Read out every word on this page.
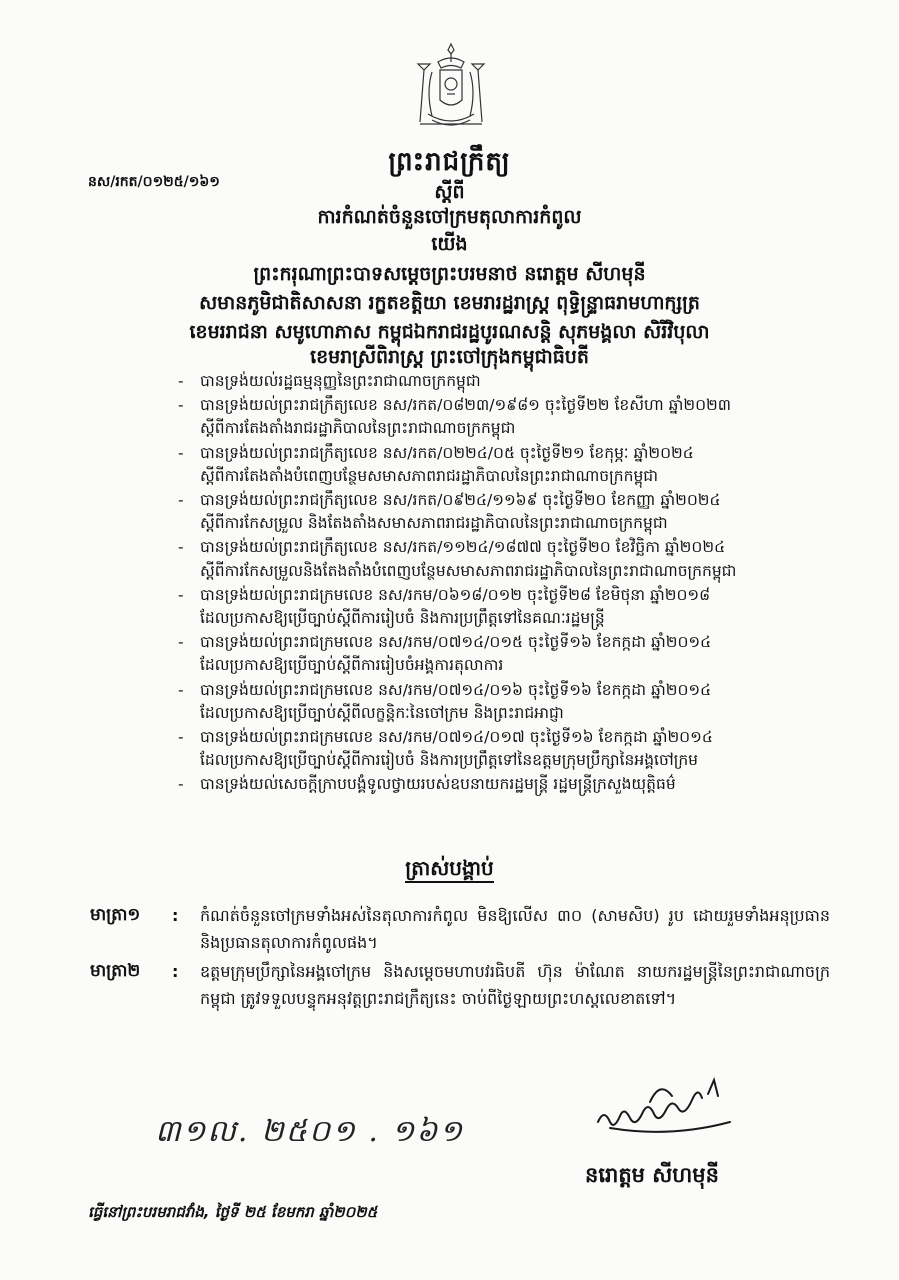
នស/រកត/០១២៥/១៦១
ព្រះរាជក្រឹត្យ
ស្តីពី
ការកំណត់ចំនួនចៅក្រមតុលាការកំពូល
យើង
ព្រះករុណាព្រះបាទសម្តេចព្រះបរមនាថ នរោត្តម សីហមុនី
សមានភូមិជាតិសាសនា រក្ខតខត្តិយា ខេមរារដ្ឋរាស្ត្រ ពុទ្ធិន្ទ្រាធរាមហាក្សត្រ
ខេមររាជនា សមូហោភាស កម្ពុជឯករាជរដ្ឋបូរណសន្តិ សុភមង្គលា សិរីវិបុលា
ខេមរាស្រីពិរាស្ត្រ ព្រះចៅក្រុងកម្ពុជាធិបតី
- បានទ្រង់យល់រដ្ឋធម្មនុញ្ញនៃព្រះរាជាណាចក្រកម្ពុជា
- បានទ្រង់យល់ព្រះរាជក្រឹត្យលេខ នស/រកត/០៨២៣/១៩៨១ ចុះថ្ងៃទី២២ ខែសីហា ឆ្នាំ២០២៣
ស្តីពីការតែងតាំងរាជរដ្ឋាភិបាលនៃព្រះរាជាណាចក្រកម្ពុជា
- បានទ្រង់យល់ព្រះរាជក្រឹត្យលេខ នស/រកត/០២២៤/០៥ ចុះថ្ងៃទី២១ ខែកុម្ភៈ ឆ្នាំ២០២៤
ស្តីពីការតែងតាំងបំពេញបន្ថែមសមាសភាពរាជរដ្ឋាភិបាលនៃព្រះរាជាណាចក្រកម្ពុជា
- បានទ្រង់យល់ព្រះរាជក្រឹត្យលេខ នស/រកត/០៩២៤/១១៦៩ ចុះថ្ងៃទី២០ ខែកញ្ញា ឆ្នាំ២០២៤
ស្តីពីការកែសម្រួល និងតែងតាំងសមាសភាពរាជរដ្ឋាភិបាលនៃព្រះរាជាណាចក្រកម្ពុជា
- បានទ្រង់យល់ព្រះរាជក្រឹត្យលេខ នស/រកត/១១២៤/១៨៧៧ ចុះថ្ងៃទី២០ ខែវិច្ឆិកា ឆ្នាំ២០២៤
ស្តីពីការកែសម្រួលនិងតែងតាំងបំពេញបន្ថែមសមាសភាពរាជរដ្ឋាភិបាលនៃព្រះរាជាណាចក្រកម្ពុជា
- បានទ្រង់យល់ព្រះរាជក្រមលេខ នស/រកម/០៦១៨/០១២ ចុះថ្ងៃទី២៨ ខែមិថុនា ឆ្នាំ២០១៨
ដែលប្រកាសឱ្យប្រើច្បាប់ស្តីពីការរៀបចំ និងការប្រព្រឹត្តទៅនៃគណៈរដ្ឋមន្ត្រី
- បានទ្រង់យល់ព្រះរាជក្រមលេខ នស/រកម/០៧១៤/០១៥ ចុះថ្ងៃទី១៦ ខែកក្កដា ឆ្នាំ២០១៤
ដែលប្រកាសឱ្យប្រើច្បាប់ស្តីពីការរៀបចំអង្គការតុលាការ
- បានទ្រង់យល់ព្រះរាជក្រមលេខ នស/រកម/០៧១៤/០១៦ ចុះថ្ងៃទី១៦ ខែកក្កដា ឆ្នាំ២០១៤
ដែលប្រកាសឱ្យប្រើច្បាប់ស្តីពីលក្ខន្តិកៈនៃចៅក្រម និងព្រះរាជអាជ្ញា
- បានទ្រង់យល់ព្រះរាជក្រមលេខ នស/រកម/០៧១៤/០១៧ ចុះថ្ងៃទី១៦ ខែកក្កដា ឆ្នាំ២០១៤
ដែលប្រកាសឱ្យប្រើច្បាប់ស្តីពីការរៀបចំ និងការប្រព្រឹត្តទៅនៃឧត្តមក្រុមប្រឹក្សានៃអង្គចៅក្រម
- បានទ្រង់យល់សេចក្តីក្រាបបង្គំទូលថ្វាយរបស់ឧបនាយករដ្ឋមន្ត្រី រដ្ឋមន្ត្រីក្រសួងយុត្តិធម៌
ត្រាស់បង្គាប់
មាត្រា១ : កំណត់ចំនួនចៅក្រមទាំងអស់នៃតុលាការកំពូល មិនឱ្យលើស ៣០ (សាមសិប) រូប ដោយរួមទាំងអនុប្រធាន និងប្រធានតុលាការកំពូលផង។
មាត្រា២ : ឧត្តមក្រុមប្រឹក្សានៃអង្គចៅក្រម និងសម្តេចមហាបវរធិបតី ហ៊ុន ម៉ាណែត នាយករដ្ឋមន្ត្រីនៃព្រះរាជាណាចក្រកម្ពុជា ត្រូវទទួលបន្ទុកអនុវត្តព្រះរាជក្រឹត្យនេះ ចាប់ពីថ្ងៃឡាយព្រះហស្តលេខាតទៅ។
៣១ល. ២៥០១ . ១៦១
នរោត្តម សីហមុនី
ធ្វើនៅព្រះបរមរាជវាំង, ថ្ងៃទី ២៥ ខែមករា ឆ្នាំ២០២៥
